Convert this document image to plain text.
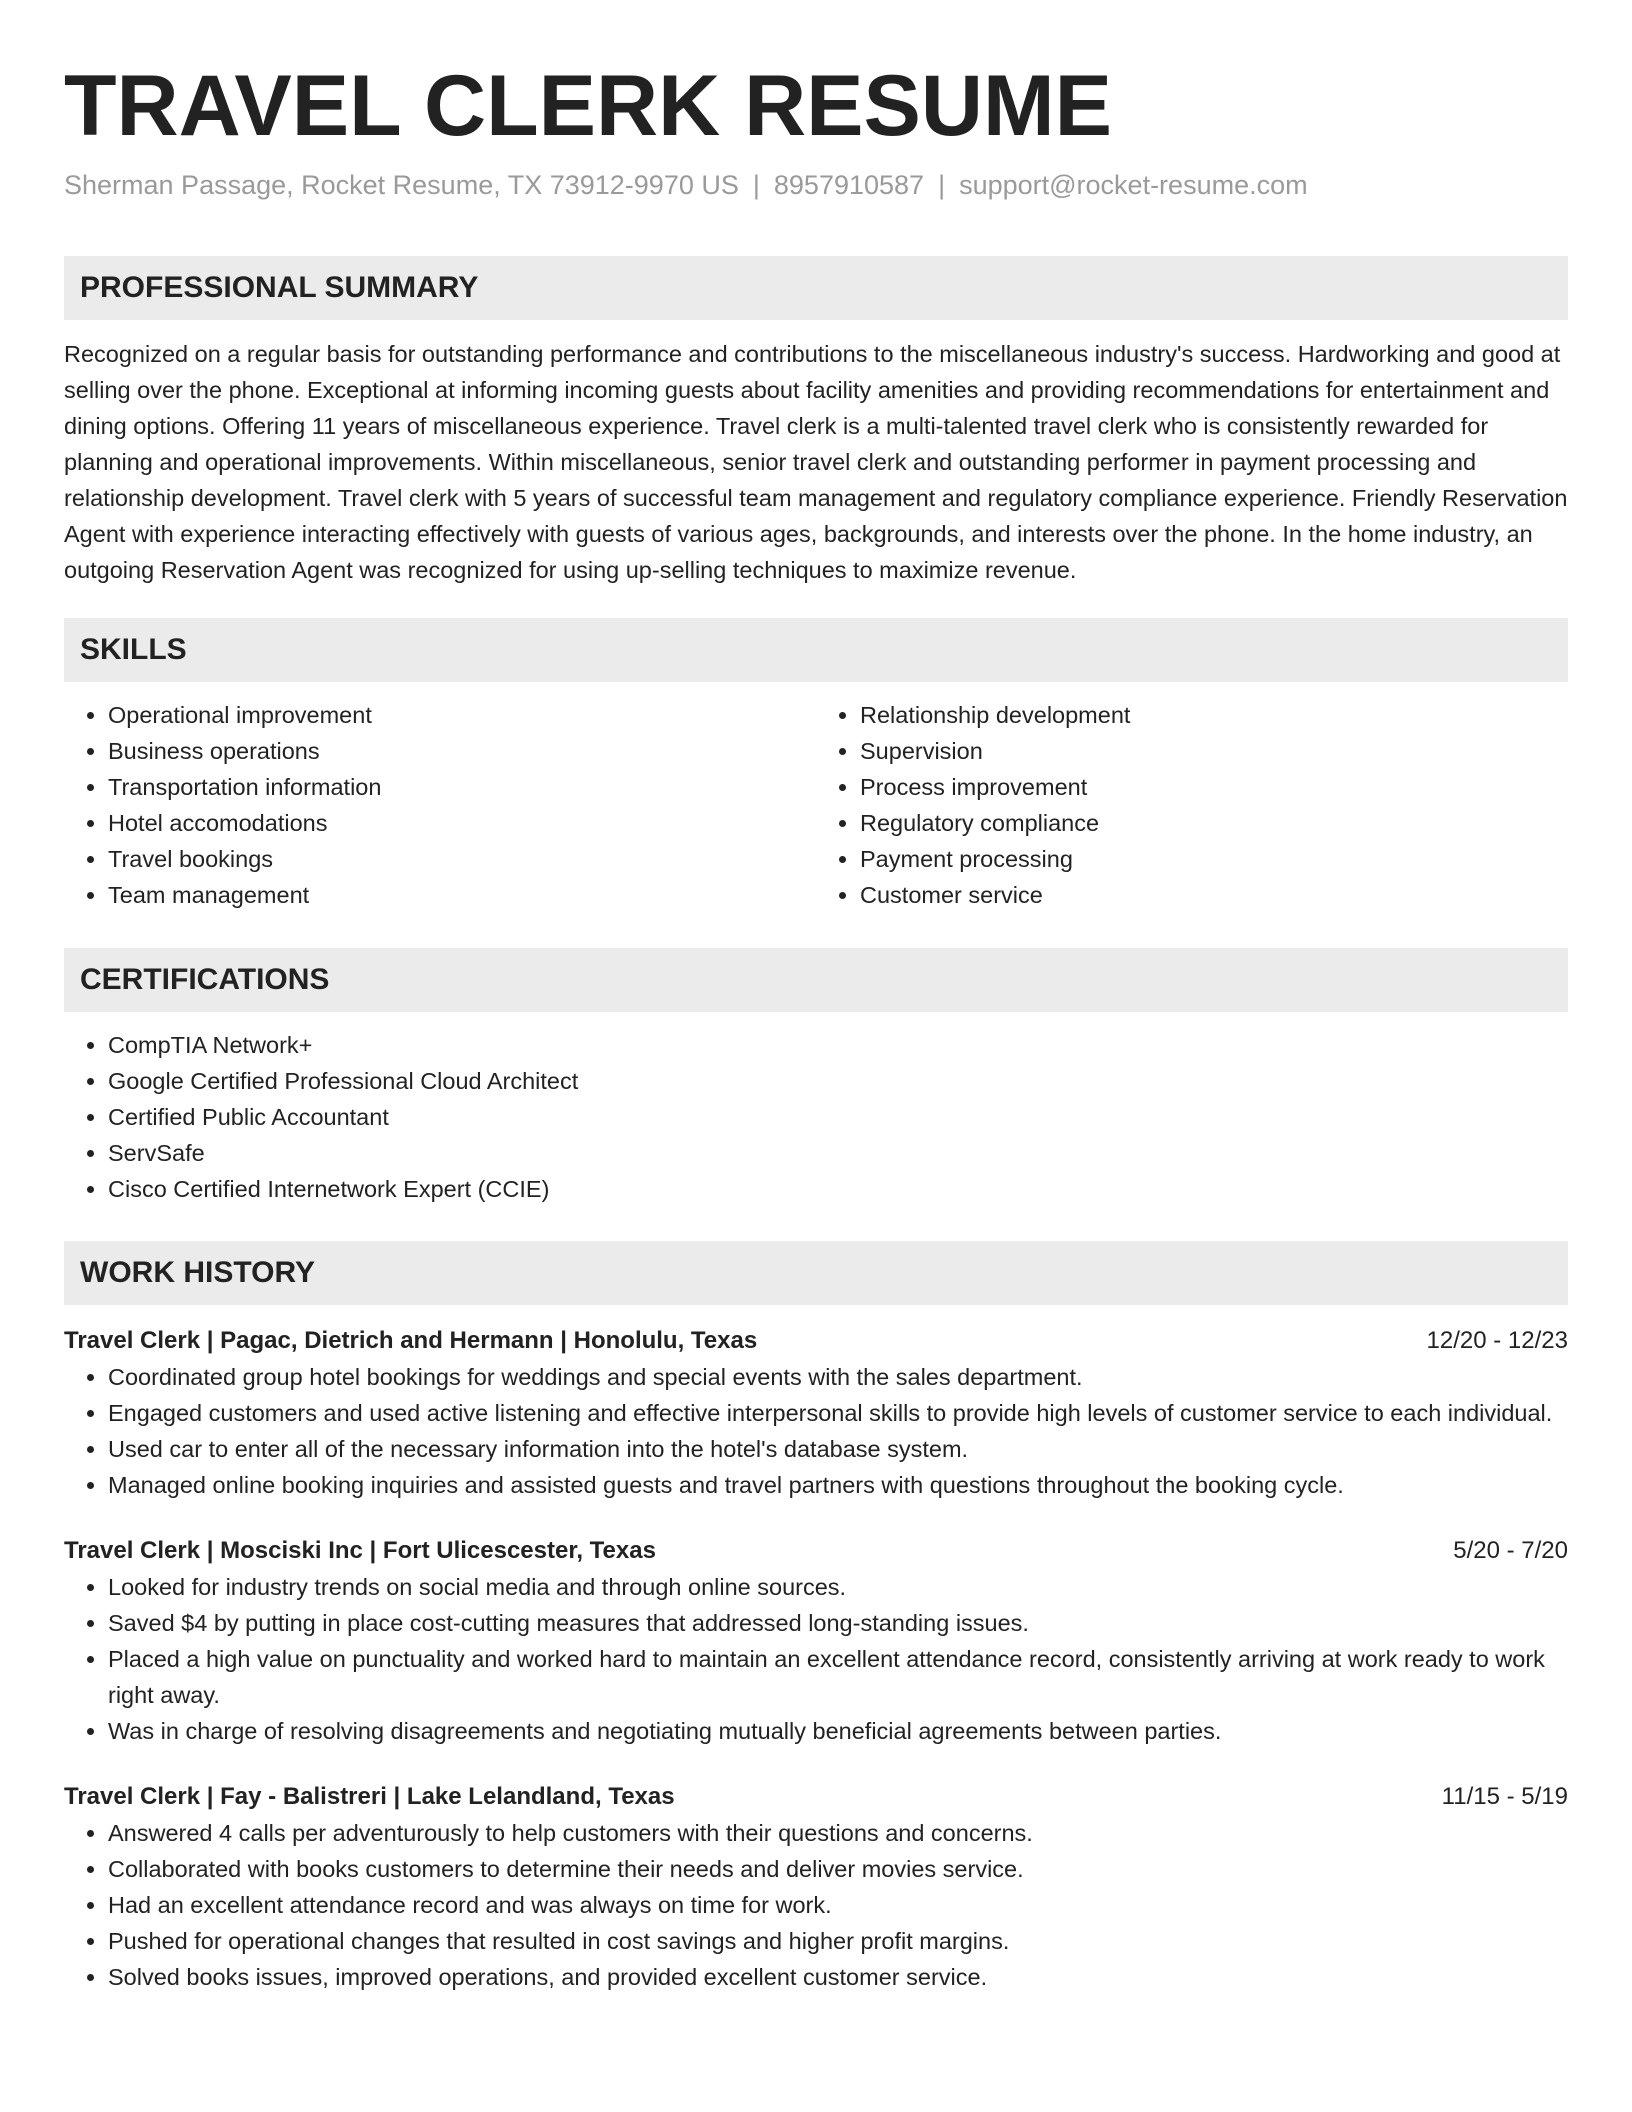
TRAVEL CLERK RESUME
Sherman Passage, Rocket Resume, TX 73912-9970 US | 8957910587 | support@rocket-resume.com
PROFESSIONAL SUMMARY

Recognized on a regular basis for outstanding performance and contributions to the miscellaneous industry's success. Hardworking and good at selling over the phone. Exceptional at informing incoming guests about facility amenities and providing recommendations for entertainment and dining options. Offering 11 years of miscellaneous experience. Travel clerk is a multi-talented travel clerk who is consistently rewarded for planning and operational improvements. Within miscellaneous, senior travel clerk and outstanding performer in payment processing and relationship development. Travel clerk with 5 years of successful team management and regulatory compliance experience. Friendly Reservation Agent with experience interacting effectively with guests of various ages, backgrounds, and interests over the phone. In the home industry, an outgoing Reservation Agent was recognized for using up-selling techniques to maximize revenue.

SKILLS
• Operational improvement
• Business operations
• Transportation information
• Hotel accomodations
• Travel bookings
• Team management
• Relationship development
• Supervision
• Process improvement
• Regulatory compliance
• Payment processing
• Customer service
CERTIFICATIONS
• CompTIA Network+
• Google Certified Professional Cloud Architect
• Certified Public Accountant
• ServSafe
• Cisco Certified Internetwork Expert (CCIE)
WORK HISTORY
Travel Clerk | Pagac, Dietrich and Hermann | Honolulu, Texas	12/20 - 12/23
• Coordinated group hotel bookings for weddings and special events with the sales department.
• Engaged customers and used active listening and effective interpersonal skills to provide high levels of customer service to each individual.
• Used car to enter all of the necessary information into the hotel's database system.
• Managed online booking inquiries and assisted guests and travel partners with questions throughout the booking cycle.
Travel Clerk | Mosciski Inc | Fort Ulicescester, Texas	5/20 - 7/20
• Looked for industry trends on social media and through online sources.
• Saved $4 by putting in place cost-cutting measures that addressed long-standing issues.
• Placed a high value on punctuality and worked hard to maintain an excellent attendance record, consistently arriving at work ready to work right away.
• Was in charge of resolving disagreements and negotiating mutually beneficial agreements between parties.
Travel Clerk | Fay - Balistreri | Lake Lelandland, Texas	11/15 - 5/19
• Answered 4 calls per adventurously to help customers with their questions and concerns.
• Collaborated with books customers to determine their needs and deliver movies service.
• Had an excellent attendance record and was always on time for work.
• Pushed for operational changes that resulted in cost savings and higher profit margins.
• Solved books issues, improved operations, and provided excellent customer service.
